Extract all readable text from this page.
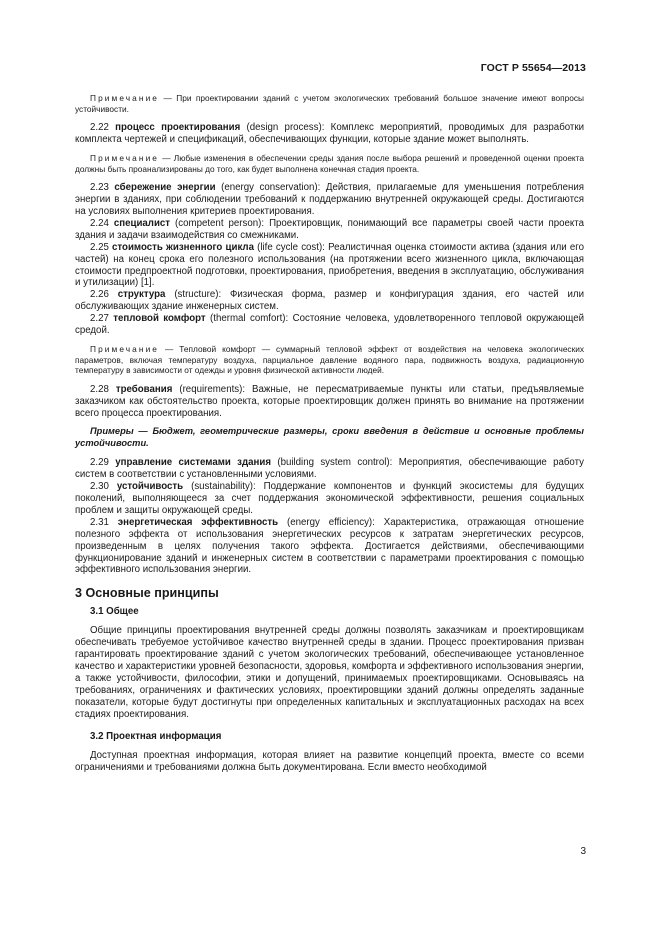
ГОСТ Р 55654—2013

Примечание — При проектировании зданий с учетом экологических требований большое значение имеют вопросы устойчивости.

2.22 процесс проектирования (design process): Комплекс мероприятий, проводимых для разработки комплекта чертежей и спецификаций, обеспечивающих функции, которые здание может выполнять.

Примечание — Любые изменения в обеспечении среды здания после выбора решений и проведенной оценки проекта должны быть проанализированы до того, как будет выполнена конечная стадия проекта.

2.23 сбережение энергии (energy conservation): Действия, прилагаемые для уменьшения потребления энергии в зданиях, при соблюдении требований к поддержанию внутренней окружающей среды. Достигаются на условиях выполнения критериев проектирования.

2.24 специалист (competent person): Проектировщик, понимающий все параметры своей части проекта здания и задачи взаимодействия со смежниками.

2.25 стоимость жизненного цикла (life cycle cost): Реалистичная оценка стоимости актива (здания или его частей) на конец срока его полезного использования (на протяжении всего жизненного цикла, включающая стоимости предпроектной подготовки, проектирования, приобретения, введения в эксплуатацию, обслуживания и утилизации) [1].

2.26 структура (structure): Физическая форма, размер и конфигурация здания, его частей или обслуживающих здание инженерных систем.

2.27 тепловой комфорт (thermal comfort): Состояние человека, удовлетворенного тепловой окружающей средой.

Примечание — Тепловой комфорт — суммарный тепловой эффект от воздействия на человека экологических параметров, включая температуру воздуха, парциальное давление водяного пара, подвижность воздуха, радиационную температуру в зависимости от одежды и уровня физической активности людей.

2.28 требования (requirements): Важные, не пересматриваемые пункты или статьи, предъявляемые заказчиком как обстоятельство проекта, которые проектировщик должен принять во внимание на протяжении всего процесса проектирования.

Примеры — Бюджет, геометрические размеры, сроки введения в действие и основные проблемы устойчивости.

2.29 управление системами здания (building system control): Мероприятия, обеспечивающие работу систем в соответствии с установленными условиями.

2.30 устойчивость (sustainability): Поддержание компонентов и функций экосистемы для будущих поколений, выполняющееся за счет поддержания экономической эффективности, решения социальных проблем и защиты окружающей среды.

2.31 энергетическая эффективность (energy efficiency): Характеристика, отражающая отношение полезного эффекта от использования энергетических ресурсов к затратам энергетических ресурсов, произведенным в целях получения такого эффекта. Достигается действиями, обеспечивающими функционирование зданий и инженерных систем в соответствии с параметрами проектирования с помощью эффективного использования энергии.

3 Основные принципы
3.1 Общее

Общие принципы проектирования внутренней среды должны позволять заказчикам и проектировщикам обеспечивать требуемое устойчивое качество внутренней среды в здании. Процесс проектирования призван гарантировать проектирование зданий с учетом экологических требований, обеспечивающее установленное качество и характеристики уровней безопасности, здоровья, комфорта и эффективного использования энергии, а также устойчивости, философии, этики и допущений, принимаемых проектировщиками. Основываясь на требованиях, ограничениях и фактических условиях, проектировщики зданий должны определять заданные показатели, которые будут достигнуты при определенных капитальных и эксплуатационных расходах на всех стадиях проектирования.

3.2 Проектная информация

Доступная проектная информация, которая влияет на развитие концепций проекта, вместе со всеми ограничениями и требованиями должна быть документирована. Если вместо необходимой

3
